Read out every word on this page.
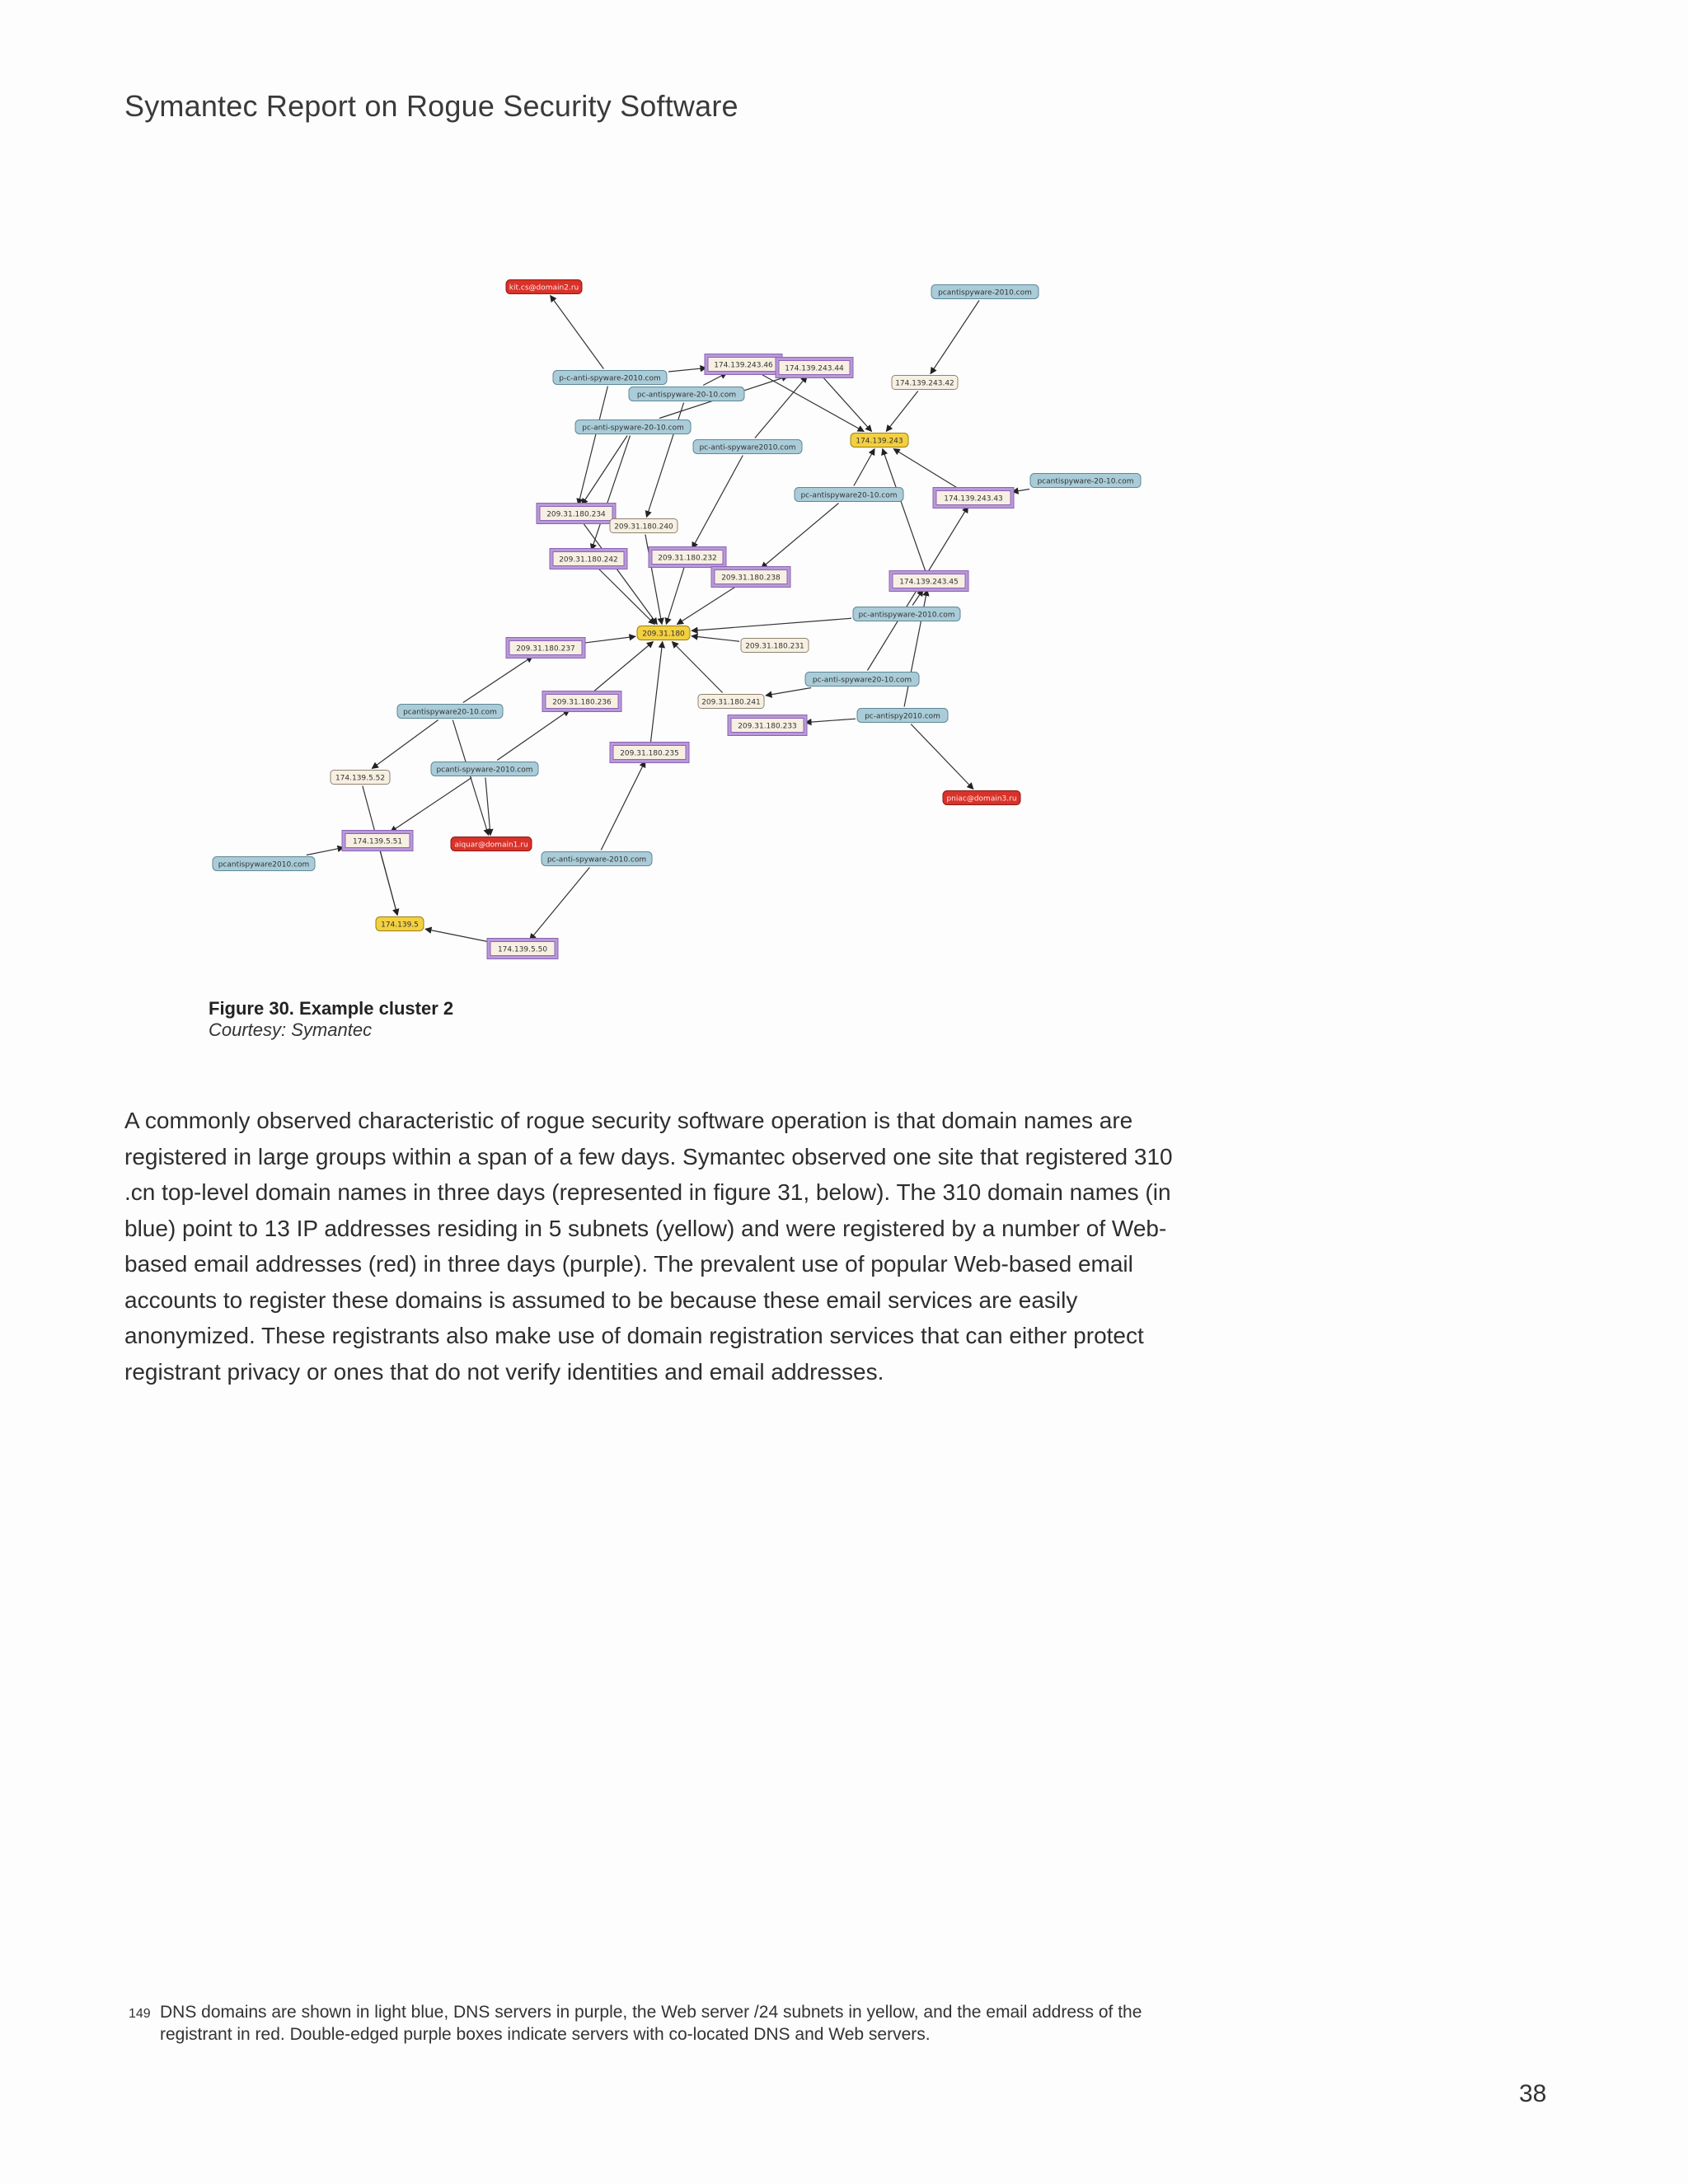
Symantec Report on Rogue Security Software
kit.cs@domain2.ru
pcantispyware-2010.com
174.139.243.46 174.139.243.44
p-c-anti-spyware-2010.com
pc-antispyware-20-10.com
174.139.243.42
pc-anti-spyware-20-10.com
pc-anti-spyware2010.com
174.139.243
pcantispyware-20-10.com
pc-antispyware20-10.com	174.139.243.43
209.31.180.234
209.31.180.240
209.31.180.242	209.31.180.232
209.31.180.238	174.139.243.45
pc-antispyware-2010.com
209.31.180
209.31.180.237	209.31.180.231
pc-anti-spyware20-10.com
pcantispyware20-10.com
209.31.180.236	209.31.180.241
pc-antispy2010.com
209.31.180.233
209.31.180.235
pcanti-spyware-2010.com
174.139.5.52
pniac@domain3.ru
174.139.5.51	aiquar@domain1.ru
pc-anti-spyware-2010.com
pcantispyware2010.com
174.139.5
174.139.5.50
Figure 30. Example cluster 2
Courtesy: Symantec

A commonly observed characteristic of rogue security software operation is that domain names are registered in large groups within a span of a few days. Symantec observed one site that registered 310 .cn top-level domain names in three days (represented in figure 31, below). The 310 domain names (in blue) point to 13 IP addresses residing in 5 subnets (yellow) and were registered by a number of Web-based email addresses (red) in three days (purple). The prevalent use of popular Web-based email accounts to register these domains is assumed to be because these email services are easily anonymized. These registrants also make use of domain registration services that can either protect registrant privacy or ones that do not verify identities and email addresses.

149 DNS domains are shown in light blue, DNS servers in purple, the Web server /24 subnets in yellow, and the email address of the registrant in red. Double-edged purple boxes indicate servers with co-located DNS and Web servers.
38
